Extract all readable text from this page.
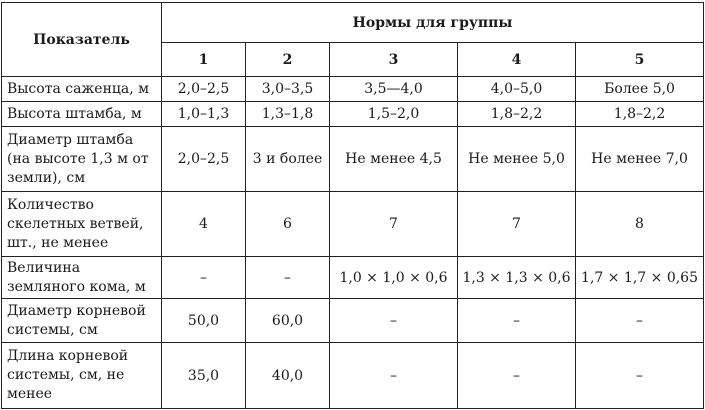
Показатель	Нормы для группы				
	1	2	3	4	5
Высота саженца, м	2,0–2,5	3,0–3,5	3,5—4,0	4,0–5,0	Более 5,0
Высота штамба, м	1,0–1,3	1,3–1,8	1,5–2,0	1,8–2,2	1,8–2,2
Диаметр штамба (на высоте 1,3 м от земли), см	2,0–2,5	3 и более	Не менее 4,5	Не менее 5,0	Не менее 7,0
Количество скелетных ветвей, шт., не менее	4	6	7	7	8
Величина земляного кома, м	–	–	1,0 × 1,0 × 0,6	1,3 × 1,3 × 0,6	1,7 × 1,7 × 0,65
Диаметр корневой системы, см	50,0	60,0	–	–	–
Длина корневой системы, см, не менее	35,0	40,0	–	–	–
